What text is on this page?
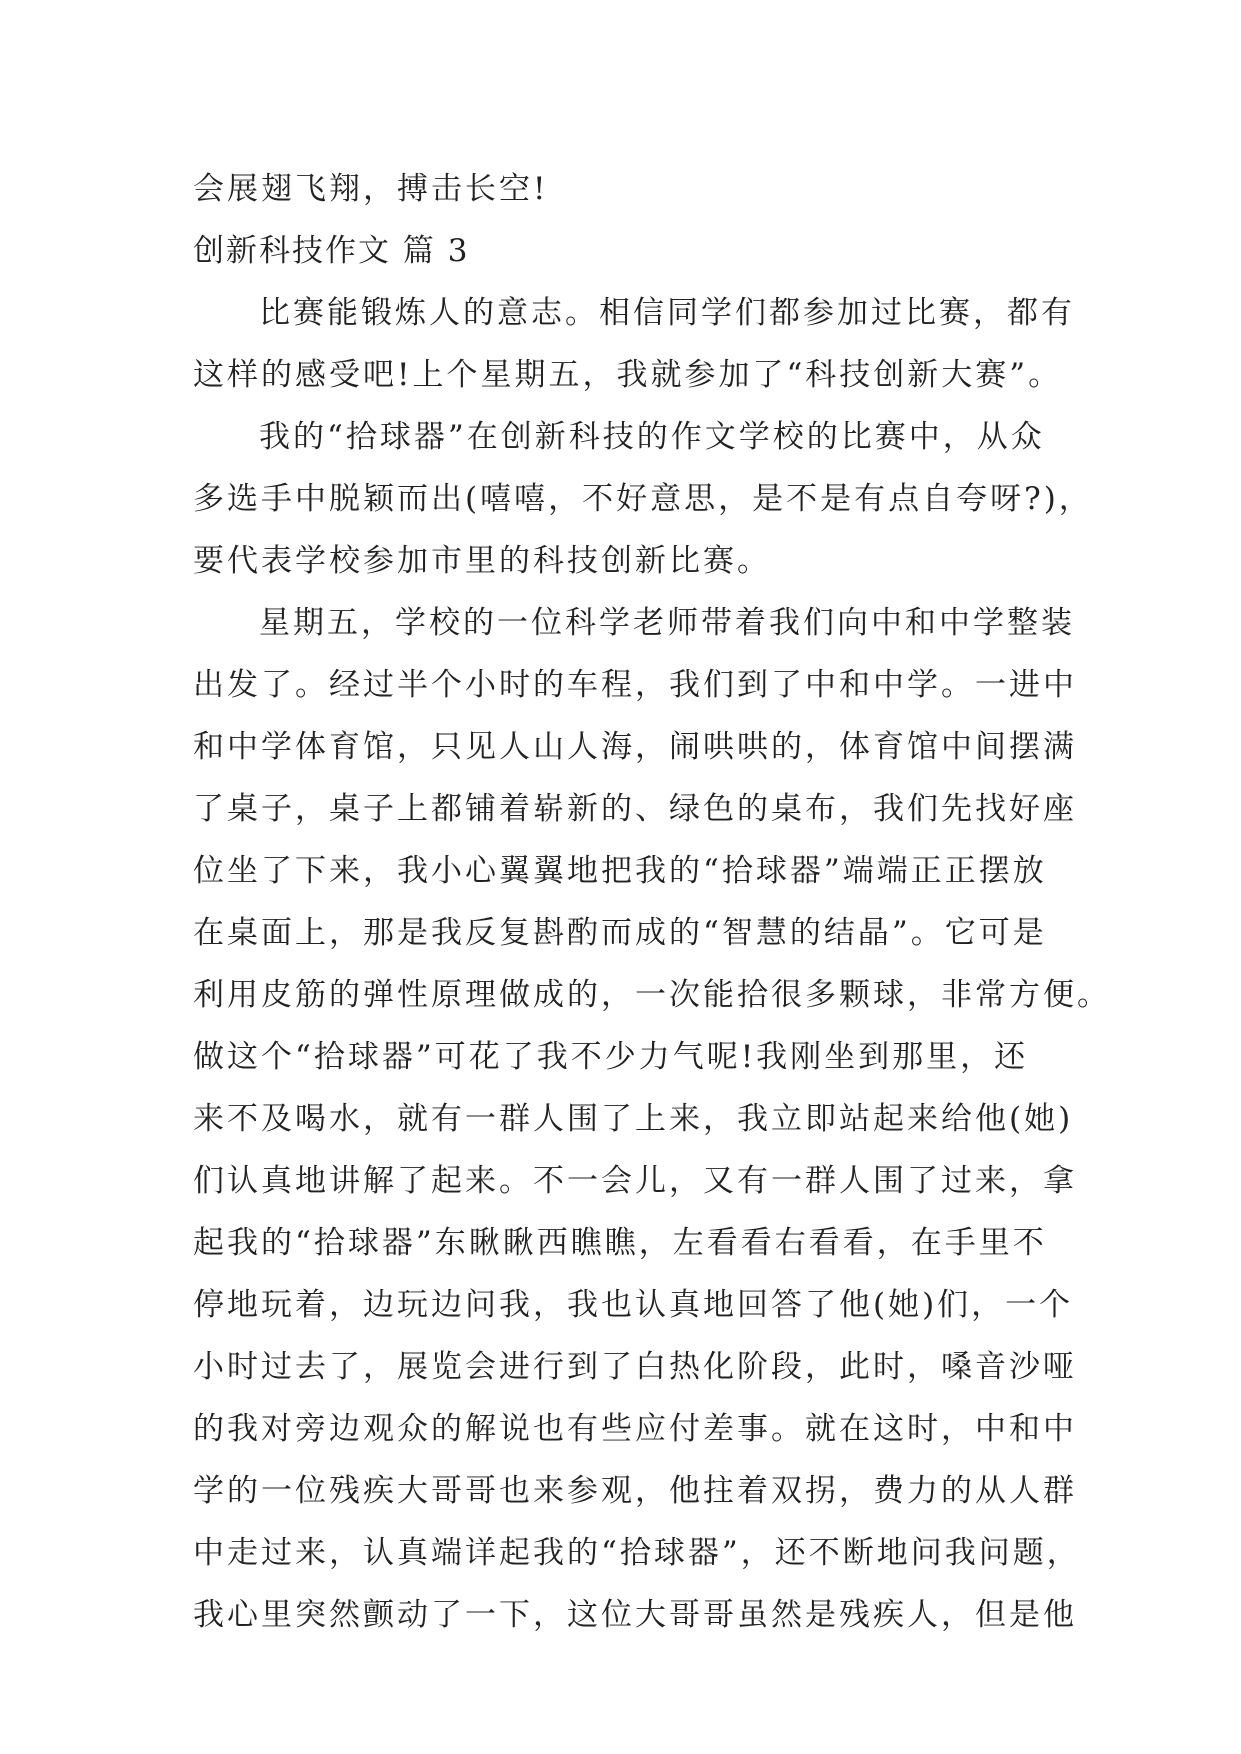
会展翅飞翔，搏击长空!
创新科技作文 篇 3
比赛能锻炼人的意志。相信同学们都参加过比赛，都有
这样的感受吧!上个星期五，我就参加了“科技创新大赛”。
我的“拾球器”在创新科技的作文学校的比赛中，从众
多选手中脱颖而出(嘻嘻，不好意思，是不是有点自夸呀?)，
要代表学校参加市里的科技创新比赛。
星期五，学校的一位科学老师带着我们向中和中学整装
出发了。经过半个小时的车程，我们到了中和中学。一进中
和中学体育馆，只见人山人海，闹哄哄的，体育馆中间摆满
了桌子，桌子上都铺着崭新的、绿色的桌布，我们先找好座
位坐了下来，我小心翼翼地把我的“拾球器”端端正正摆放
在桌面上，那是我反复斟酌而成的“智慧的结晶”。它可是
利用皮筋的弹性原理做成的，一次能拾很多颗球，非常方便。
做这个“拾球器”可花了我不少力气呢!我刚坐到那里，还
来不及喝水，就有一群人围了上来，我立即站起来给他(她)
们认真地讲解了起来。不一会儿，又有一群人围了过来，拿
起我的“拾球器”东瞅瞅西瞧瞧，左看看右看看，在手里不
停地玩着，边玩边问我，我也认真地回答了他(她)们，一个
小时过去了，展览会进行到了白热化阶段，此时，嗓音沙哑
的我对旁边观众的解说也有些应付差事。就在这时，中和中
学的一位残疾大哥哥也来参观，他拄着双拐，费力的从人群
中走过来，认真端详起我的“拾球器”，还不断地问我问题，
我心里突然颤动了一下，这位大哥哥虽然是残疾人，但是他
